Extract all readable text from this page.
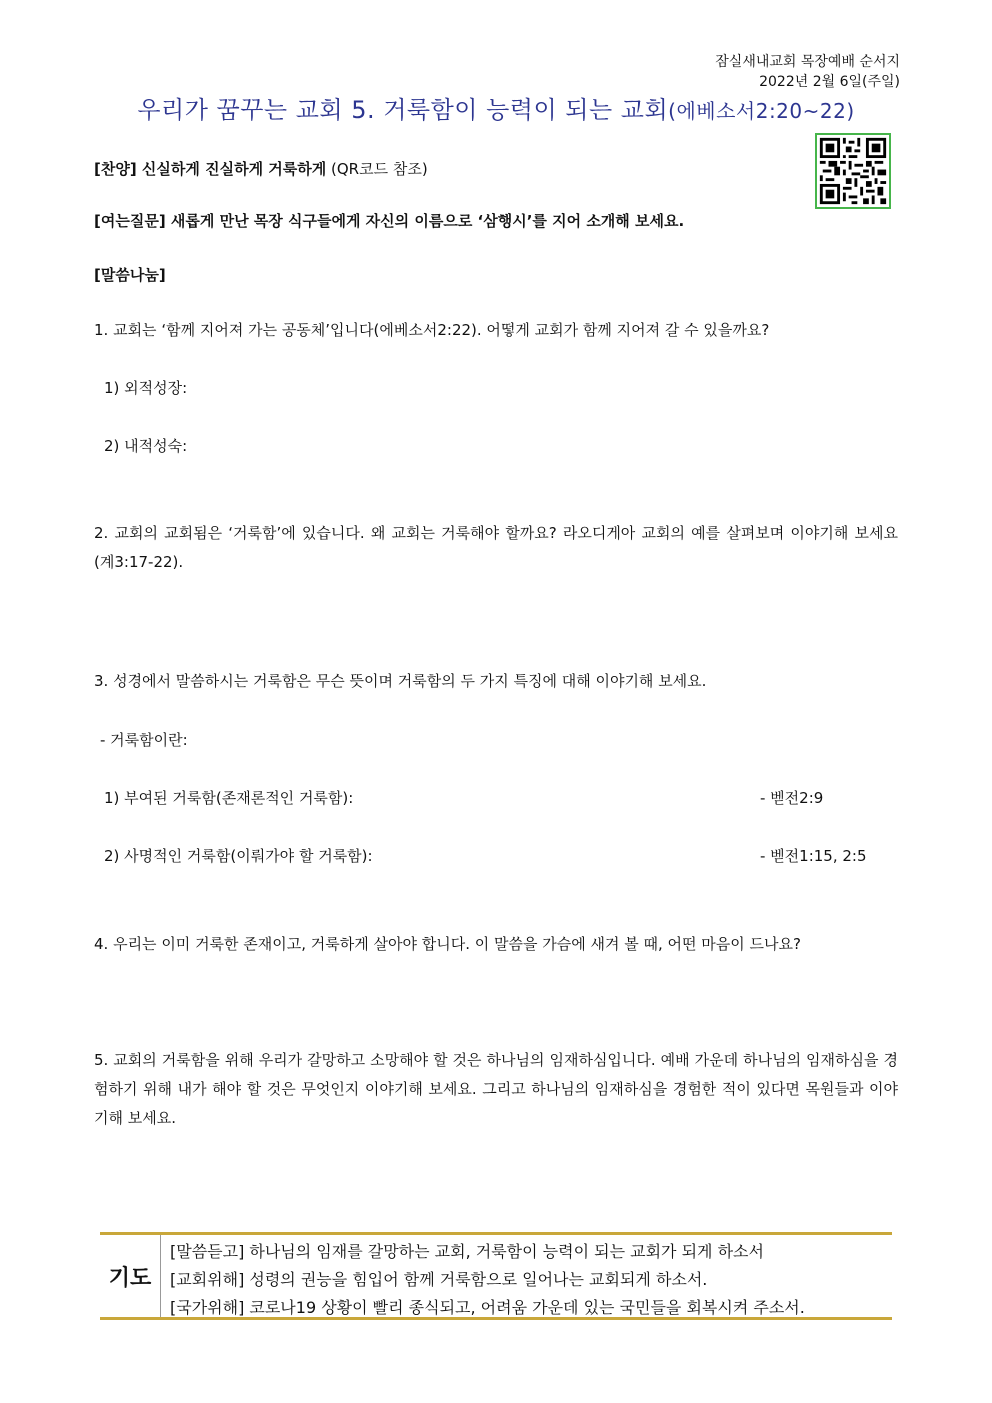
잠실새내교회 목장예배 순서지
2022년 2월 6일(주일)
우리가 꿈꾸는 교회 5. 거룩함이 능력이 되는 교회(에베소서2:20~22)
[찬양] 신실하게 진실하게 거룩하게 (QR코드 참조)
[여는질문] 새롭게 만난 목장 식구들에게 자신의 이름으로 ‘삼행시’를 지어 소개해 보세요.
[말씀나눔]
1. 교회는 ‘함께 지어져 가는 공동체’입니다(에베소서2:22). 어떻게 교회가 함께 지어져 갈 수 있을까요?
1) 외적성장:
2) 내적성숙:
2. 교회의 교회됨은 ‘거룩함’에 있습니다. 왜 교회는 거룩해야 할까요? 라오디게아 교회의 예를 살펴보며 이야기해 보세요(계3:17-22).
3. 성경에서 말씀하시는 거룩함은 무슨 뜻이며 거룩함의 두 가지 특징에 대해 이야기해 보세요.
- 거룩함이란:
1) 부여된 거룩함(존재론적인 거룩함):	- 벧전2:9
2) 사명적인 거룩함(이뤄가야 할 거룩함):	- 벧전1:15, 2:5
4. 우리는 이미 거룩한 존재이고, 거룩하게 살아야 합니다. 이 말씀을 가슴에 새겨 볼 때, 어떤 마음이 드나요?
5. 교회의 거룩함을 위해 우리가 갈망하고 소망해야 할 것은 하나님의 임재하심입니다. 예배 가운데 하나님의 임재하심을 경험하기 위해 내가 해야 할 것은 무엇인지 이야기해 보세요. 그리고 하나님의 임재하심을 경험한 적이 있다면 목원들과 이야기해 보세요.
기도
[말씀듣고] 하나님의 임재를 갈망하는 교회, 거룩함이 능력이 되는 교회가 되게 하소서
[교회위해] 성령의 권능을 힘입어 함께 거룩함으로 일어나는 교회되게 하소서.
[국가위해] 코로나19 상황이 빨리 종식되고, 어려움 가운데 있는 국민들을 회복시켜 주소서.
